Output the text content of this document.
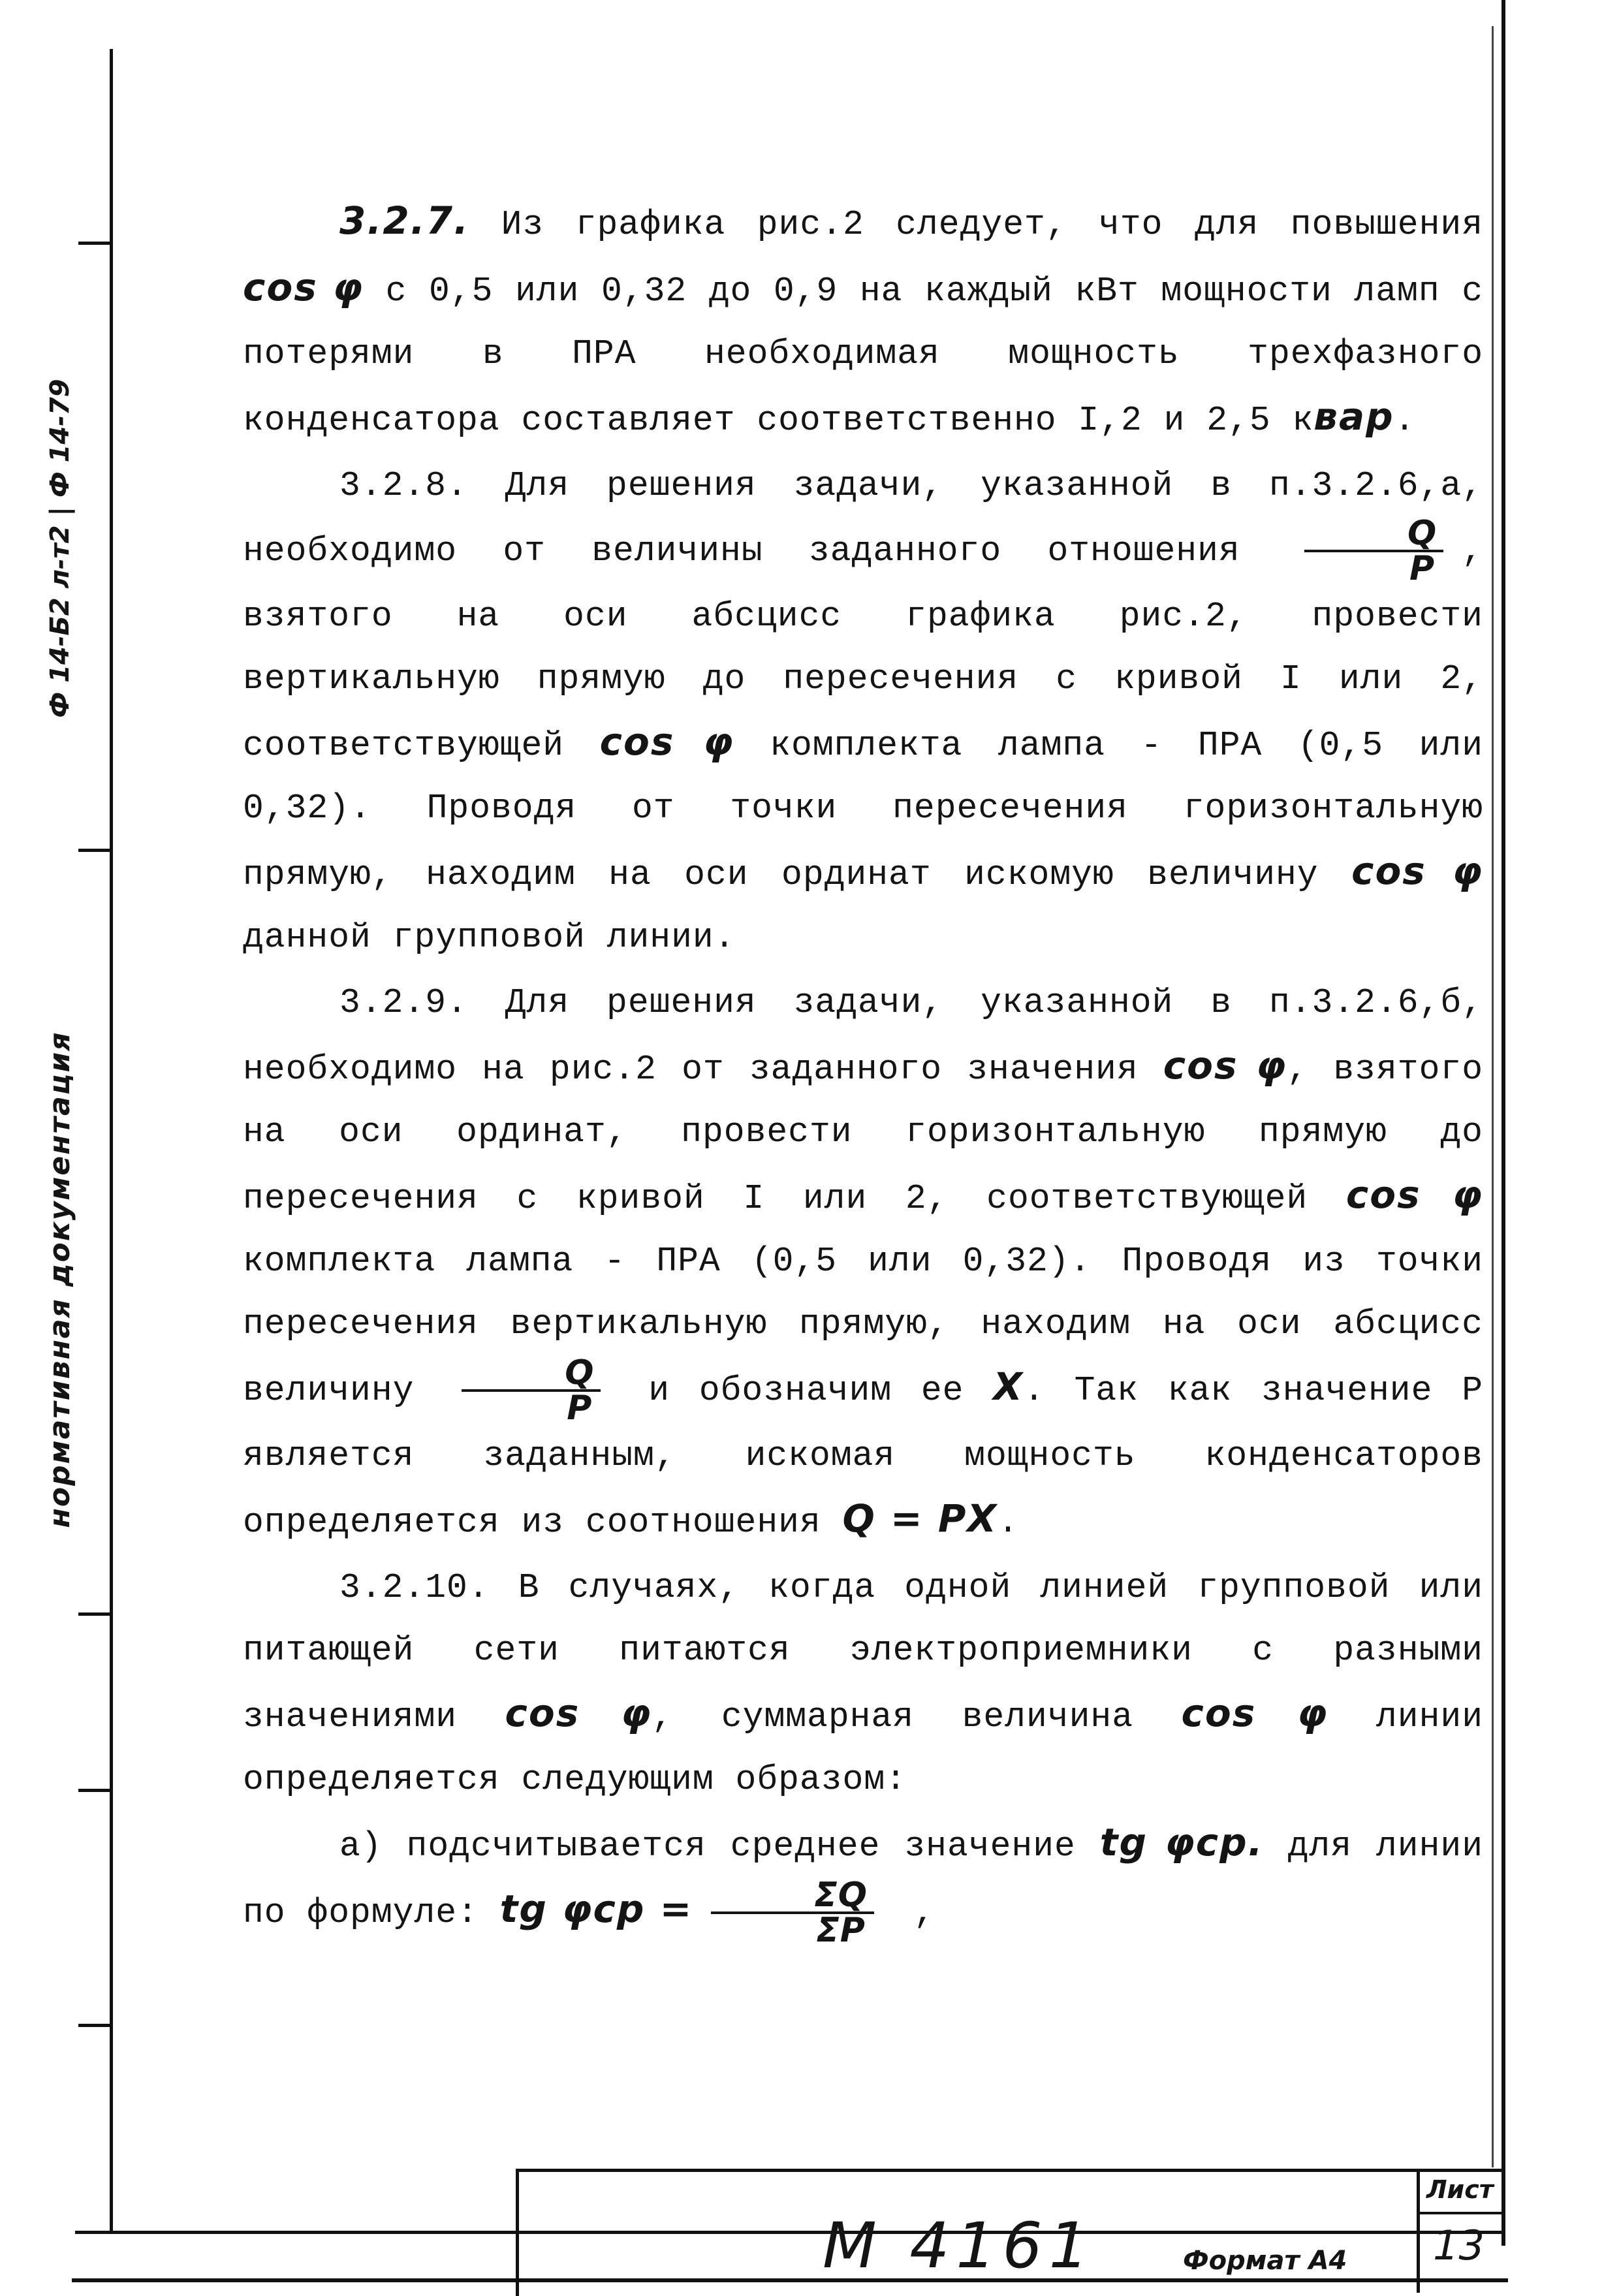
Ф 14-Б2 л-т2 | Ф 14-79
нормативная документация

3.2.7. Из графика рис.2 следует, что для повышения cos φ с 0,5 или 0,32 до 0,9 на каждый кВт мощности ламп с потерями в ПРА необходимая мощность трехфазного конденсатора составляет соответственно I,2 и 2,5 квар.

3.2.8. Для решения задачи, указанной в п.3.2.6,а, необходимо от величины заданного отношения $\frac{Q}{P}$ , взятого на оси абсцисс графика рис.2, провести вертикальную прямую до пересечения с кривой I или 2, соответствующей cos φ комплекта лампа - ПРА (0,5 или 0,32). Проводя от точки пересечения горизонтальную прямую, находим на оси ординат искомую величину cos φ данной групповой линии.

3.2.9. Для решения задачи, указанной в п.3.2.6,б, необходимо на рис.2 от заданного значения cos φ, взятого на оси ординат, провести горизонтальную прямую до пересечения с кривой I или 2, соответствующей cos φ комплекта лампа - ПРА (0,5 или 0,32). Проводя из точки пересечения вертикальную прямую, находим на оси абсцисс величину $\frac{Q}{P}$ и обозначим ее X. Так как значение P является заданным, искомая мощность конденсаторов определяется из соотношения Q = PX.

3.2.10. В случаях, когда одной линией групповой или питающей сети питаются электроприемники с разными значениями cos φ, суммарная величина cos φ линии определяется следующим образом:

а) подсчитывается среднее значение tg φср. для линии по формуле: tg $\varphi ср = \frac{\Sigma Q}{\Sigma P}$ ,

М 4161
Лист
13
Формат А4
